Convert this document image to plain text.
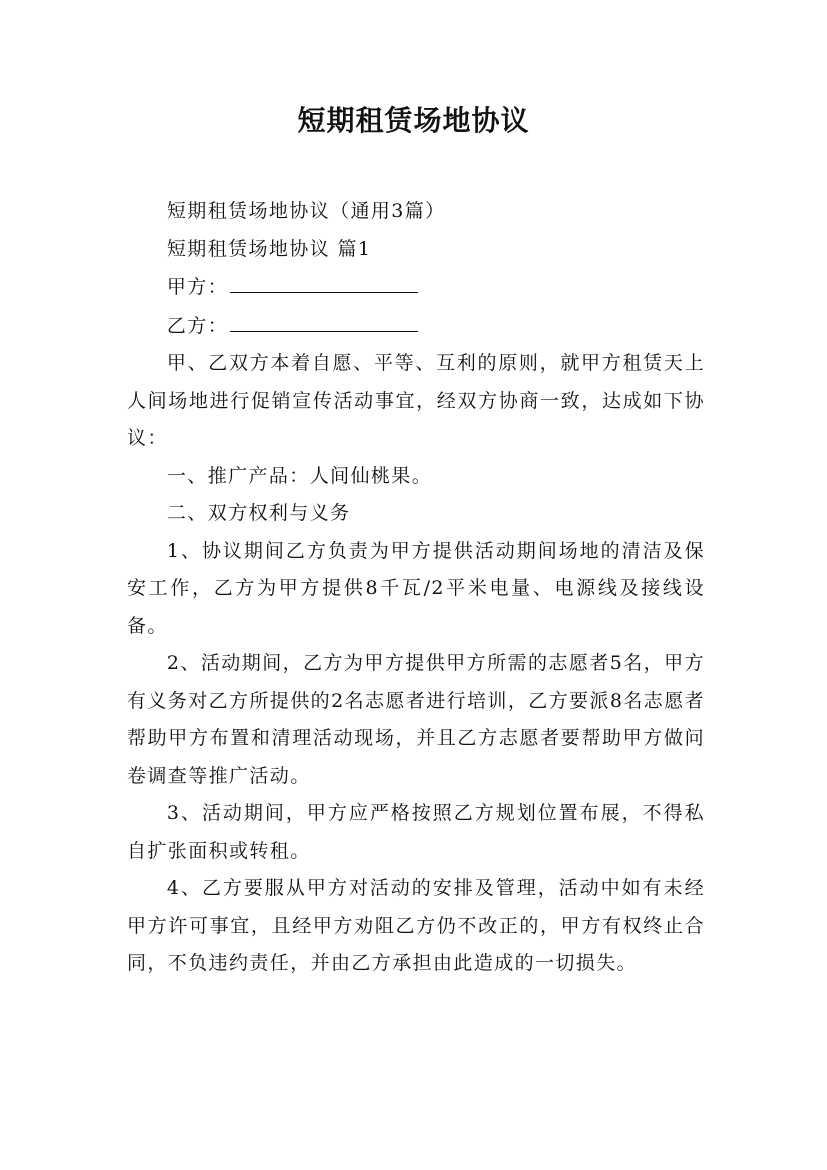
短期租赁场地协议

短期租赁场地协议（通用3篇）

短期租赁场地协议 篇1

甲方：

乙方：

甲、乙双方本着自愿、平等、互利的原则，就甲方租赁天上人间场地进行促销宣传活动事宜，经双方协商一致，达成如下协议：

一、推广产品：人间仙桃果。

二、双方权利与义务

1、协议期间乙方负责为甲方提供活动期间场地的清洁及保安工作，乙方为甲方提供8千瓦/2平米电量、电源线及接线设备。

2、活动期间，乙方为甲方提供甲方所需的志愿者5名，甲方有义务对乙方所提供的2名志愿者进行培训，乙方要派8名志愿者帮助甲方布置和清理活动现场，并且乙方志愿者要帮助甲方做问卷调查等推广活动。

3、活动期间，甲方应严格按照乙方规划位置布展，不得私自扩张面积或转租。

4、乙方要服从甲方对活动的安排及管理，活动中如有未经甲方许可事宜，且经甲方劝阻乙方仍不改正的，甲方有权终止合同，不负违约责任，并由乙方承担由此造成的一切损失。
